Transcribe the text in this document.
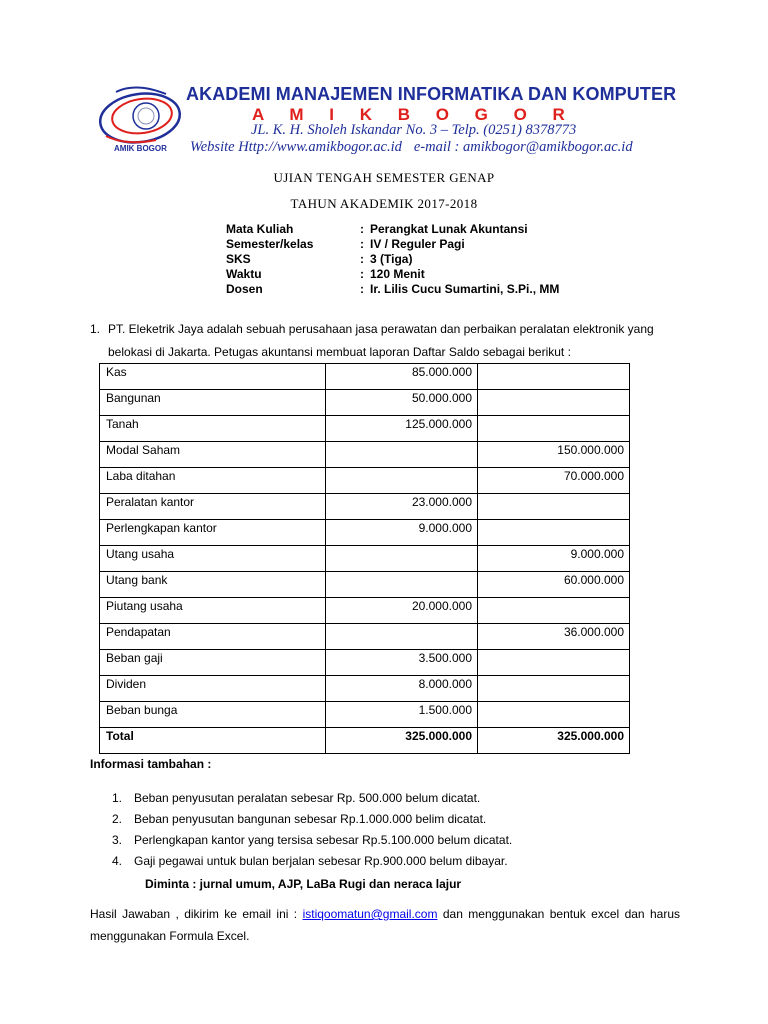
AMIK BOGOR
AKADEMI MANAJEMEN INFORMATIKA DAN KOMPUTER
A M I K B O G O R
JL. K. H. Sholeh Iskandar No. 3 – Telp. (0251) 8378773
Website Http://www.amikbogor.ac.id e-mail : amikbogor@amikbogor.ac.id
UJIAN TENGAH SEMESTER GENAP
TAHUN AKADEMIK 2017-2018
Mata Kuliah	: Perangkat Lunak Akuntansi
Semester/kelas	: IV / Reguler Pagi
SKS	: 3 (Tiga)
Waktu	: 120 Menit
Dosen	: Ir. Lilis Cucu Sumartini, S.Pi., MM
1. PT. Eleketrik Jaya adalah sebuah perusahaan jasa perawatan dan perbaikan peralatan elektronik yang belokasi di Jakarta. Petugas akuntansi membuat laporan Daftar Saldo sebagai berikut :
Kas	85.000.000	
Bangunan	50.000.000	
Tanah	125.000.000	
Modal Saham		150.000.000
Laba ditahan		70.000.000
Peralatan kantor	23.000.000	
Perlengkapan kantor	9.000.000	
Utang usaha		9.000.000
Utang bank		60.000.000
Piutang usaha	20.000.000	
Pendapatan		36.000.000
Beban gaji	3.500.000	
Dividen	8.000.000	
Beban bunga	1.500.000	
Total	325.000.000	325.000.000
Informasi tambahan :
1. Beban penyusutan peralatan sebesar Rp. 500.000 belum dicatat.
2. Beban penyusutan bangunan sebesar Rp.1.000.000 belim dicatat.
3. Perlengkapan kantor yang tersisa sebesar Rp.5.100.000 belum dicatat.
4. Gaji pegawai untuk bulan berjalan sebesar Rp.900.000 belum dibayar.
Diminta : jurnal umum, AJP, LaBa Rugi dan neraca lajur
Hasil Jawaban , dikirim ke email ini : istiqoomatun@gmail.com dan menggunakan bentuk excel dan harus menggunakan Formula Excel.
